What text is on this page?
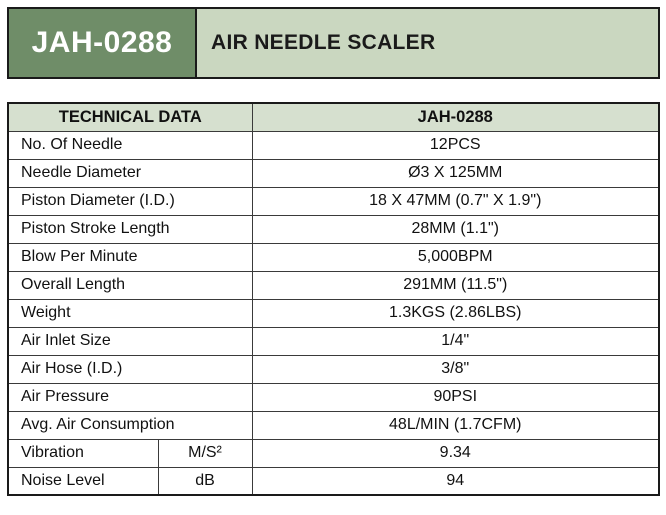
JAH-0288	AIR NEEDLE SCALER
TECHNICAL DATA		JAH-0288
No. Of Needle		12PCS
Needle Diameter		Ø3 X 125MM
Piston Diameter (I.D.)		18 X 47MM (0.7" X 1.9")
Piston Stroke Length		28MM (1.1")
Blow Per Minute		5,000BPM
Overall Length		291MM (11.5")
Weight		1.3KGS (2.86LBS)
Air Inlet Size		1/4"
Air Hose (I.D.)		3/8"
Air Pressure		90PSI
Avg. Air Consumption		48L/MIN (1.7CFM)
Vibration	M/S²	9.34
Noise Level	dB	94
